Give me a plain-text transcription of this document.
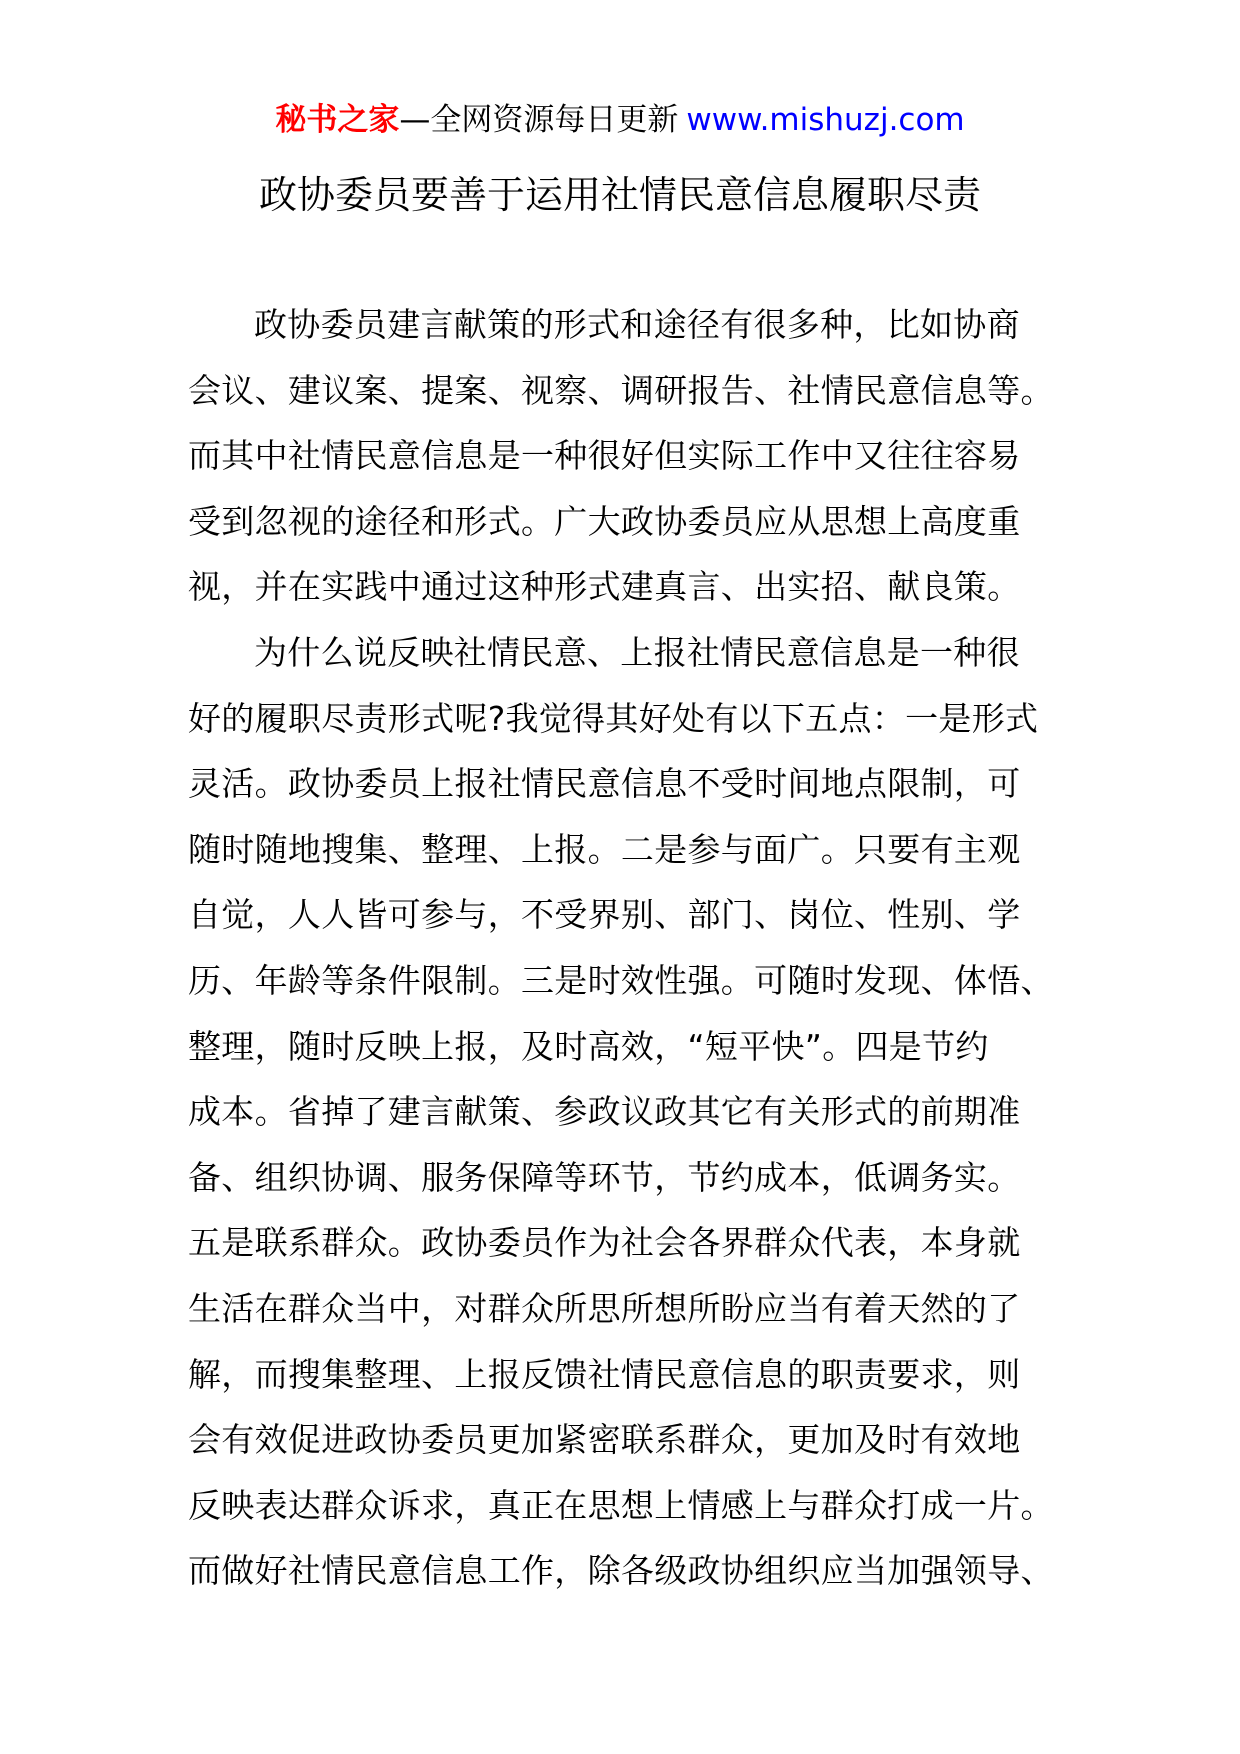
秘书之家—全网资源每日更新 www.mishuzj.com
政协委员要善于运用社情民意信息履职尽责
政协委员建言献策的形式和途径有很多种，比如协商
会议、建议案、提案、视察、调研报告、社情民意信息等。
而其中社情民意信息是一种很好但实际工作中又往往容易
受到忽视的途径和形式。广大政协委员应从思想上高度重
视，并在实践中通过这种形式建真言、出实招、献良策。
为什么说反映社情民意、上报社情民意信息是一种很
好的履职尽责形式呢?我觉得其好处有以下五点：一是形式
灵活。政协委员上报社情民意信息不受时间地点限制，可
随时随地搜集、整理、上报。二是参与面广。只要有主观
自觉，人人皆可参与，不受界别、部门、岗位、性别、学
历、年龄等条件限制。三是时效性强。可随时发现、体悟、
整理，随时反映上报，及时高效，“短平快”。四是节约
成本。省掉了建言献策、参政议政其它有关形式的前期准
备、组织协调、服务保障等环节，节约成本，低调务实。
五是联系群众。政协委员作为社会各界群众代表，本身就
生活在群众当中，对群众所思所想所盼应当有着天然的了
解，而搜集整理、上报反馈社情民意信息的职责要求，则
会有效促进政协委员更加紧密联系群众，更加及时有效地
反映表达群众诉求，真正在思想上情感上与群众打成一片。
而做好社情民意信息工作，除各级政协组织应当加强领导、
